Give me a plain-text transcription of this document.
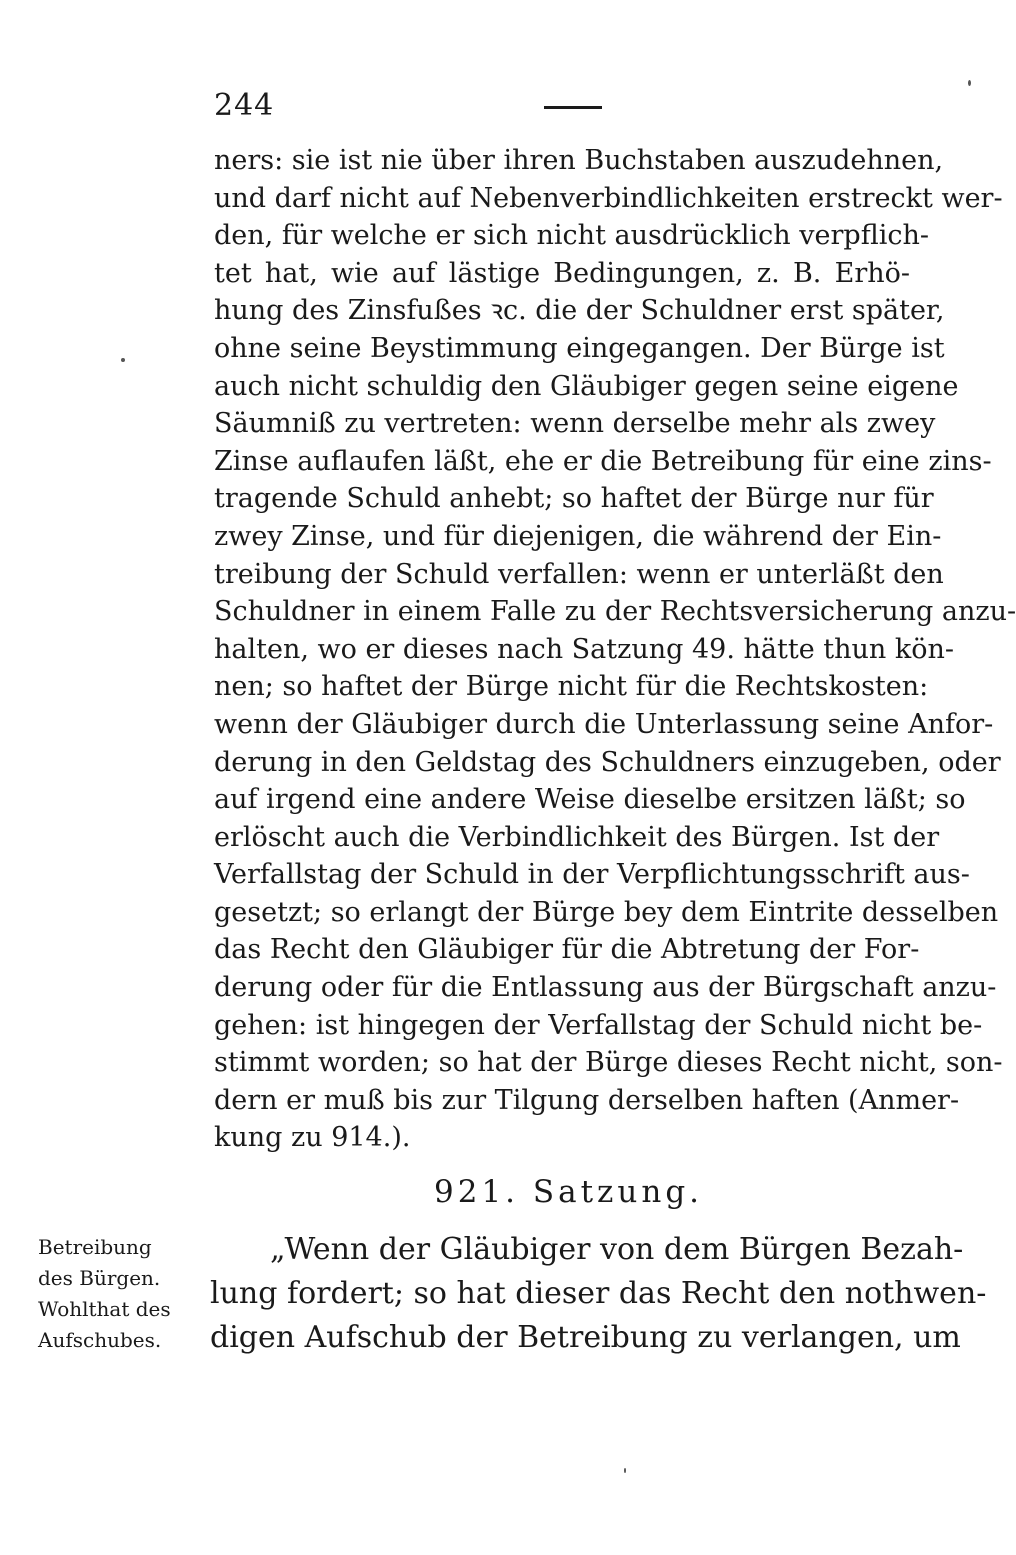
244
ners: sie ist nie über ihren Buchstaben auszudehnen,
und darf nicht auf Nebenverbindlichkeiten erstreckt wer-
den, für welche er sich nicht ausdrücklich verpflich-
tet hat, wie auf lästige Bedingungen, z. B. Erhö-
hung des Zinsfußes ꝛc. die der Schuldner erst später,
ohne seine Beystimmung eingegangen. Der Bürge ist
auch nicht schuldig den Gläubiger gegen seine eigene
Säumniß zu vertreten: wenn derselbe mehr als zwey
Zinse auflaufen läßt, ehe er die Betreibung für eine zins-
tragende Schuld anhebt; so haftet der Bürge nur für
zwey Zinse, und für diejenigen, die während der Ein-
treibung der Schuld verfallen: wenn er unterläßt den
Schuldner in einem Falle zu der Rechtsversicherung anzu-
halten, wo er dieses nach Satzung 49. hätte thun kön-
nen; so haftet der Bürge nicht für die Rechtskosten:
wenn der Gläubiger durch die Unterlassung seine Anfor-
derung in den Geldstag des Schuldners einzugeben, oder
auf irgend eine andere Weise dieselbe ersitzen läßt; so
erlöscht auch die Verbindlichkeit des Bürgen. Ist der
Verfallstag der Schuld in der Verpflichtungsschrift aus-
gesetzt; so erlangt der Bürge bey dem Eintrite desselben
das Recht den Gläubiger für die Abtretung der For-
derung oder für die Entlassung aus der Bürgschaft anzu-
gehen: ist hingegen der Verfallstag der Schuld nicht be-
stimmt worden; so hat der Bürge dieses Recht nicht, son-
dern er muß bis zur Tilgung derselben haften (Anmer-
kung zu 914.).
921. Satzung.
Betreibung
des Bürgen.
Wohlthat des
Aufschubes.
„Wenn der Gläubiger von dem Bürgen Bezah-
lung fordert; so hat dieser das Recht den nothwen-
digen Aufschub der Betreibung zu verlangen, um
